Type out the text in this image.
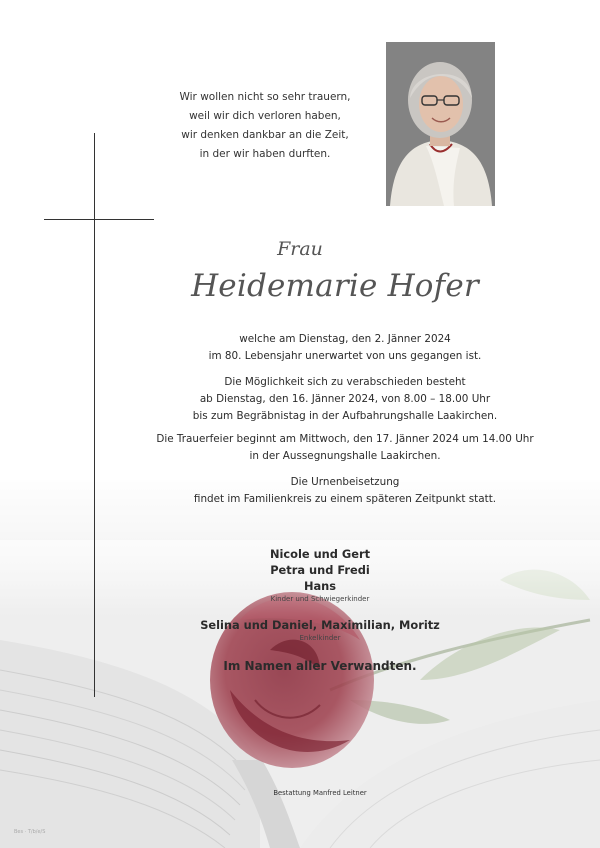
Wir wollen nicht so sehr trauern,
weil wir dich verloren haben,
wir denken dankbar an die Zeit,
in der wir haben durften.
Frau
Heidemarie Hofer
welche am Dienstag, den 2. Jänner 2024
im 80. Lebensjahr unerwartet von uns gegangen ist.
Die Möglichkeit sich zu verabschieden besteht
ab Dienstag, den 16. Jänner 2024, von 8.00 – 18.00 Uhr
bis zum Begräbnistag in der Aufbahrungshalle Laakirchen.
Die Trauerfeier beginnt am Mittwoch, den 17. Jänner 2024 um 14.00 Uhr
in der Aussegnungshalle Laakirchen.
Die Urnenbeisetzung
findet im Familienkreis zu einem späteren Zeitpunkt statt.
Nicole und Gert
Petra und Fredi
Hans
Kinder und Schwiegerkinder
Selina und Daniel, Maximilian, Moritz
Enkelkinder
Im Namen aller Verwandten.
Bestattung Manfred Leitner
Bes · T/b/e/S
